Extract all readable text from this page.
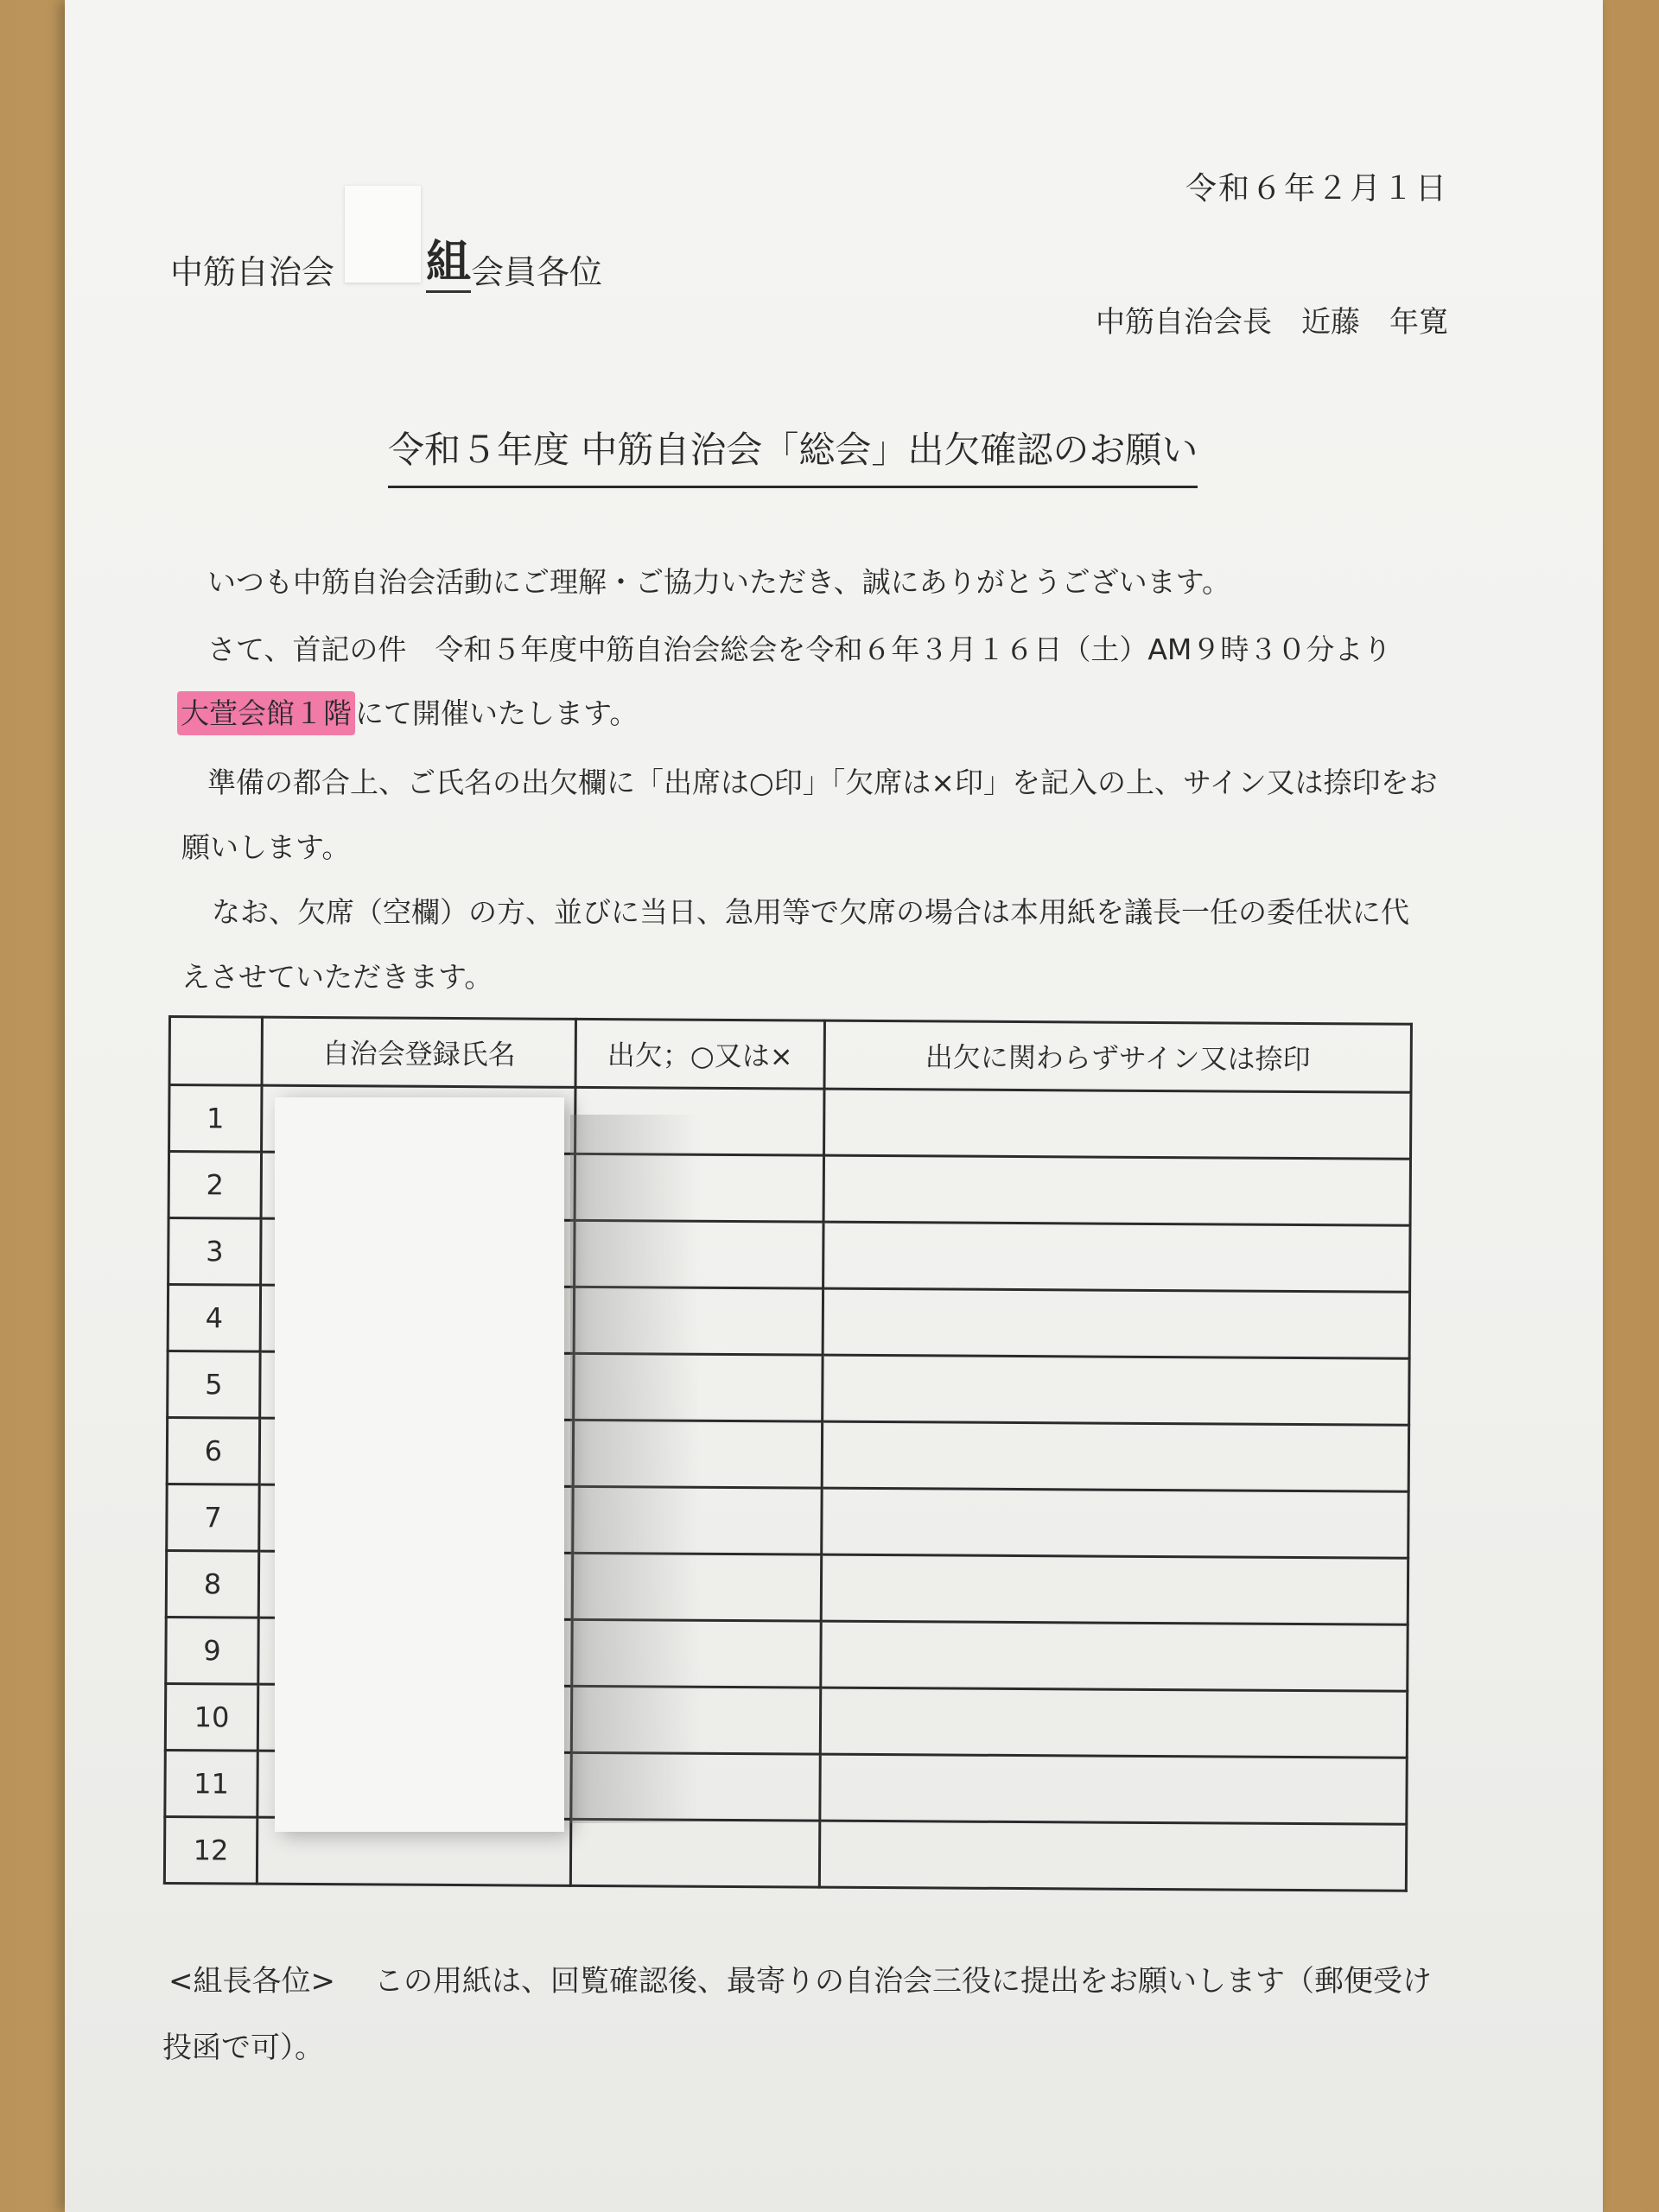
令和６年２月１日
中筋自治会 組 会員各位
中筋自治会長　近藤　年寛
令和５年度 中筋自治会「総会」出欠確認のお願い
いつも中筋自治会活動にご理解・ご協力いただき、誠にありがとうございます。
さて、首記の件　令和５年度中筋自治会総会を令和６年３月１６日（土）AM９時３０分より
大萱会館１階 にて開催いたします。
準備の都合上、ご氏名の出欠欄に「出席は○印」「欠席は×印」を記入の上、サイン又は捺印をお
願いします。
なお、欠席（空欄）の方、並びに当日、急用等で欠席の場合は本用紙を議長一任の委任状に代
えさせていただきます。
	自治会登録氏名	出欠；○又は×	出欠に関わらずサイン又は捺印
1			
2			
3			
4			
5			
6			
7			
8			
9			
10			
11			
12			
<組長各位> この用紙は、回覧確認後、最寄りの自治会三役に提出をお願いします（郵便受け
投函で可）。
